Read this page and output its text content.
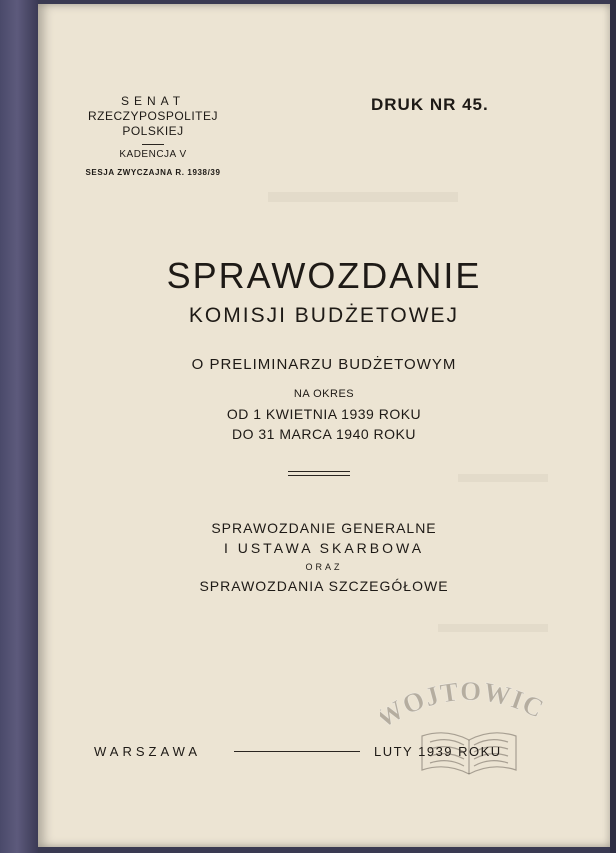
SENAT
RZECZYPOSPOLITEJ
POLSKIEJ
KADENCJA V
SESJA ZWYCZAJNA R. 1938/39
DRUK NR 45.
SPRAWOZDANIE
KOMISJI BUDŻETOWEJ
O PRELIMINARZU BUDŻETOWYM
NA OKRES
OD 1 KWIETNIA 1939 ROKU
DO 31 MARCA 1940 ROKU
SPRAWOZDANIE GENERALNE
I USTAWA SKARBOWA
ORAZ
SPRAWOZDANIA SZCZEGÓŁOWE
WARSZAWA	LUTY 1939 ROKU
OJTOWIC
